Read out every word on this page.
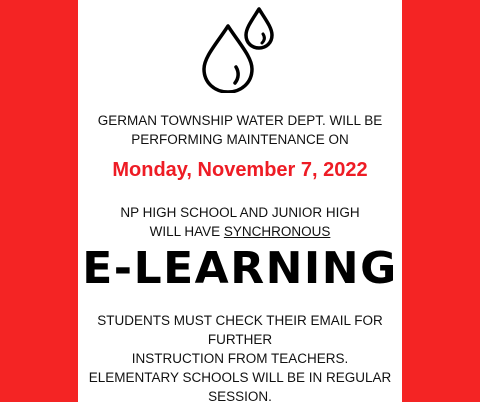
GERMAN TOWNSHIP WATER DEPT. WILL BE
PERFORMING MAINTENANCE ON

Monday, November 7, 2022

NP HIGH SCHOOL AND JUNIOR HIGH
WILL HAVE SYNCHRONOUS

E-LEARNING

STUDENTS MUST CHECK THEIR EMAIL FOR FURTHER
INSTRUCTION FROM TEACHERS.

ELEMENTARY SCHOOLS WILL BE IN REGULAR SESSION.
